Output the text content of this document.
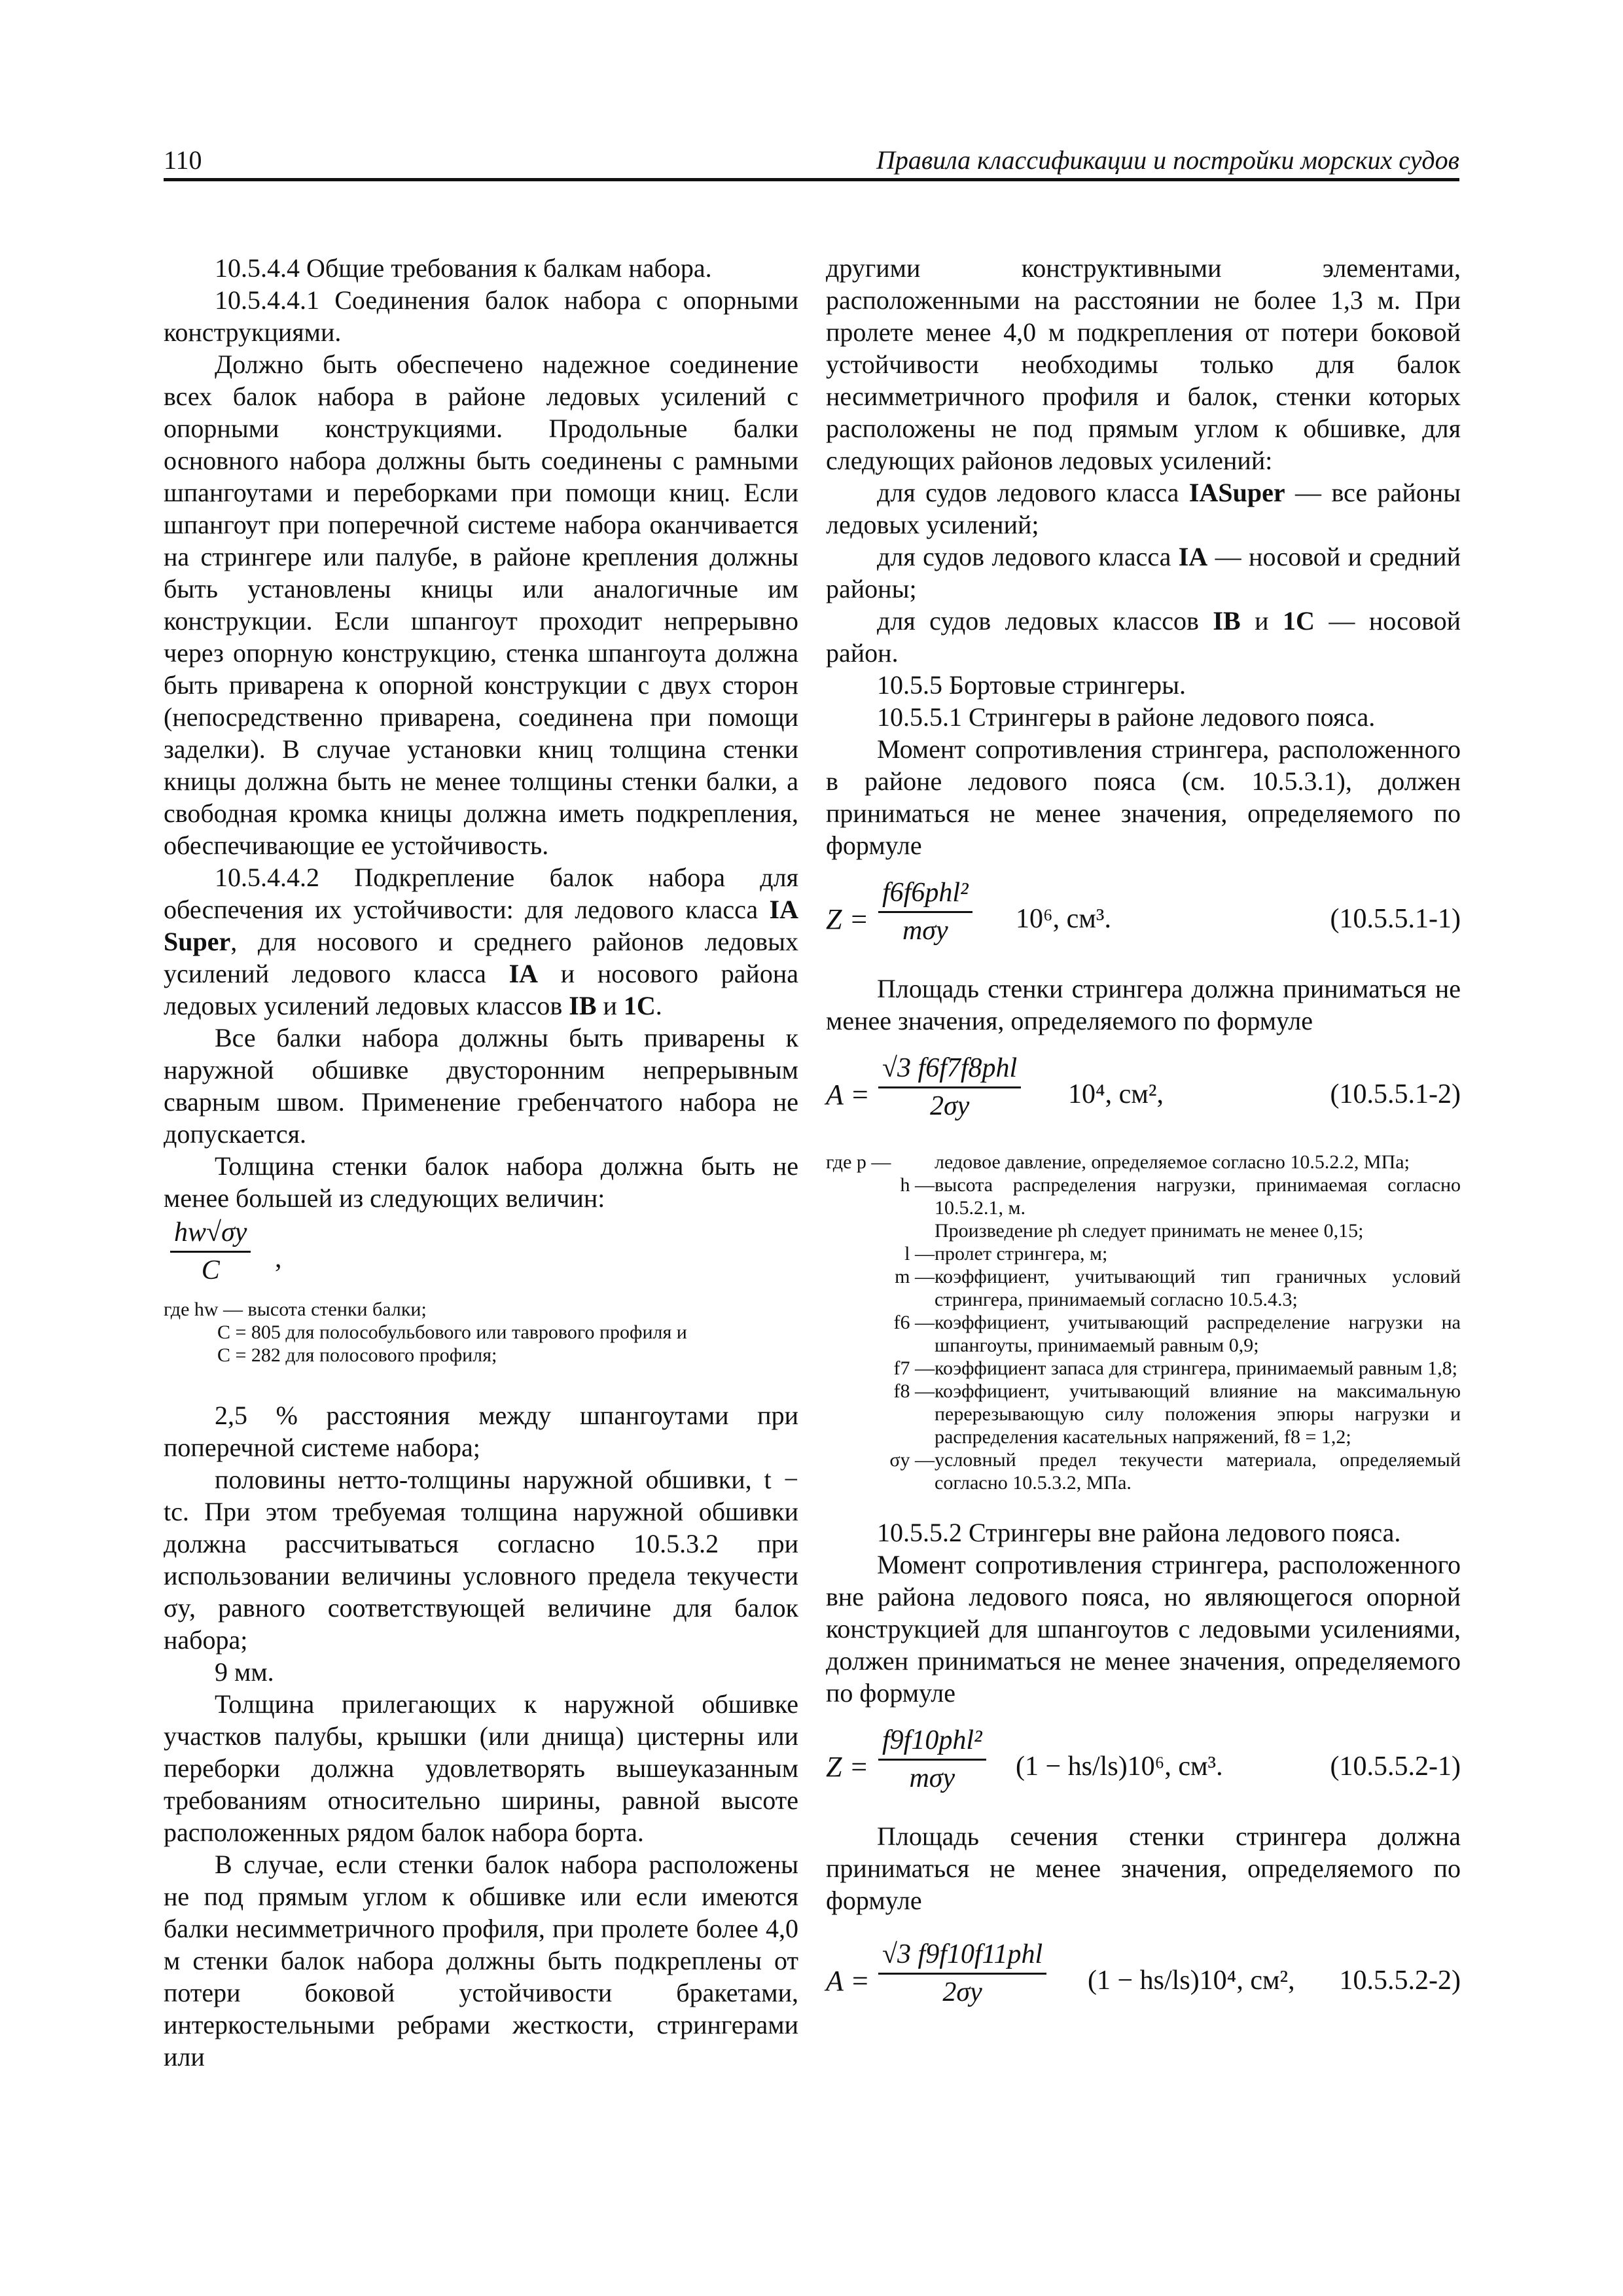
110	Правила классификации и постройки морских судов

10.5.4.4 Общие требования к балкам набора.

10.5.4.4.1 Соединения балок набора с опорными конструкциями.

Должно быть обеспечено надежное соединение всех балок набора в районе ледовых усилений с опорными конструкциями. Продольные балки основного набора должны быть соединены с рамными шпангоутами и переборками при помощи книц. Если шпангоут при поперечной системе набора оканчивается на стрингере или палубе, в районе крепления должны быть установлены кницы или аналогичные им конструкции. Если шпангоут проходит непрерывно через опорную конструкцию, стенка шпангоута должна быть приварена к опорной конструкции с двух сторон (непосредственно приварена, соединена при помощи заделки). В случае установки книц толщина стенки кницы должна быть не менее толщины стенки балки, а свободная кромка кницы должна иметь подкрепления, обеспечивающие ее устойчивость.

10.5.4.4.2 Подкрепление балок набора для обеспечения их устойчивости: для ледового класса IA Super, для носового и среднего районов ледовых усилений ледового класса IA и носового района ледовых усилений ледовых классов IB и 1C.

Все балки набора должны быть приварены к наружной обшивке двусторонним непрерывным сварным швом. Применение гребенчатого набора не допускается.

Толщина стенки балок набора должна быть не менее большей из следующих величин:

$\frac{hw√\sigma y}{C}$ ,
где hw — высота стенки балки;
C = 805 для полособульбового или таврового профиля и
C = 282 для полосового профиля;

2,5 % расстояния между шпангоутами при поперечной системе набора;

половины нетто-толщины наружной обшивки, t − tc. При этом требуемая толщина наружной обшивки должна рассчитываться согласно 10.5.3.2 при использовании величины условного предела текучести σy, равного соответствующей величине для балок набора;

9 мм.

Толщина прилегающих к наружной обшивке участков палубы, крышки (или днища) цистерны или переборки должна удовлетворять вышеуказанным требованиям относительно ширины, равной высоте расположенных рядом балок набора борта.

В случае, если стенки балок набора расположены не под прямым углом к обшивке или если имеются балки несимметричного профиля, при пролете более 4,0 м стенки балок набора должны быть подкреплены от потери боковой устойчивости бракетами, интеркостельными ребрами жесткости, стрингерами или

другими конструктивными элементами, расположенными на расстоянии не более 1,3 м. При пролете менее 4,0 м подкрепления от потери боковой устойчивости необходимы только для балок несимметричного профиля и балок, стенки которых расположены не под прямым углом к обшивке, для следующих районов ледовых усилений:

для судов ледового класса IASuper — все районы ледовых усилений;

для судов ледового класса IA — носовой и средний районы;

для судов ледовых классов IB и 1C — носовой район.

10.5.5 Бортовые стрингеры.

10.5.5.1 Стрингеры в районе ледового пояса.

Момент сопротивления стрингера, расположенного в районе ледового пояса (см. 10.5.3.1), должен приниматься не менее значения, определяемого по формуле

Z =
f6f6phl²
mσy	10⁶, см³.	(10.5.5.1-1)

Площадь стенки стрингера должна приниматься не менее значения, определяемого по формуле

A =
√3 f6f7f8phl
2σy	10⁴, см²,	(10.5.5.1-2)
где p —	ледовое давление, определяемое согласно 10.5.2.2, МПа;
h — высота распределения нагрузки, принимаемая согласно 10.5.2.1, м.
Произведение ph следует принимать не менее 0,15;
l — пролет стрингера, м;
m — коэффициент, учитывающий тип граничных условий стрингера, принимаемый согласно 10.5.4.3;
f6 — коэффициент, учитывающий распределение нагрузки на шпангоуты, принимаемый равным 0,9;
f7 — коэффициент запаса для стрингера, принимаемый равным 1,8;
f8 — коэффициент, учитывающий влияние на максимальную перерезывающую силу положения эпюры нагрузки и распределения касательных напряжений, f8 = 1,2;
σy — условный предел текучести материала, определяемый согласно 10.5.3.2, МПа.

10.5.5.2 Стрингеры вне района ледового пояса.

Момент сопротивления стрингера, расположенного вне района ледового пояса, но являющегося опорной конструкцией для шпангоутов с ледовыми усилениями, должен приниматься не менее значения, определяемого по формуле

Z =
f9f10phl²
mσy	(1 − hs/ls)10⁶, см³.	(10.5.5.2-1)

Площадь сечения стенки стрингера должна приниматься не менее значения, определяемого по формуле

A =
√3 f9f10f11phl
2σy	(1 − hs/ls)10⁴, см², 10.5.5.2-2)
